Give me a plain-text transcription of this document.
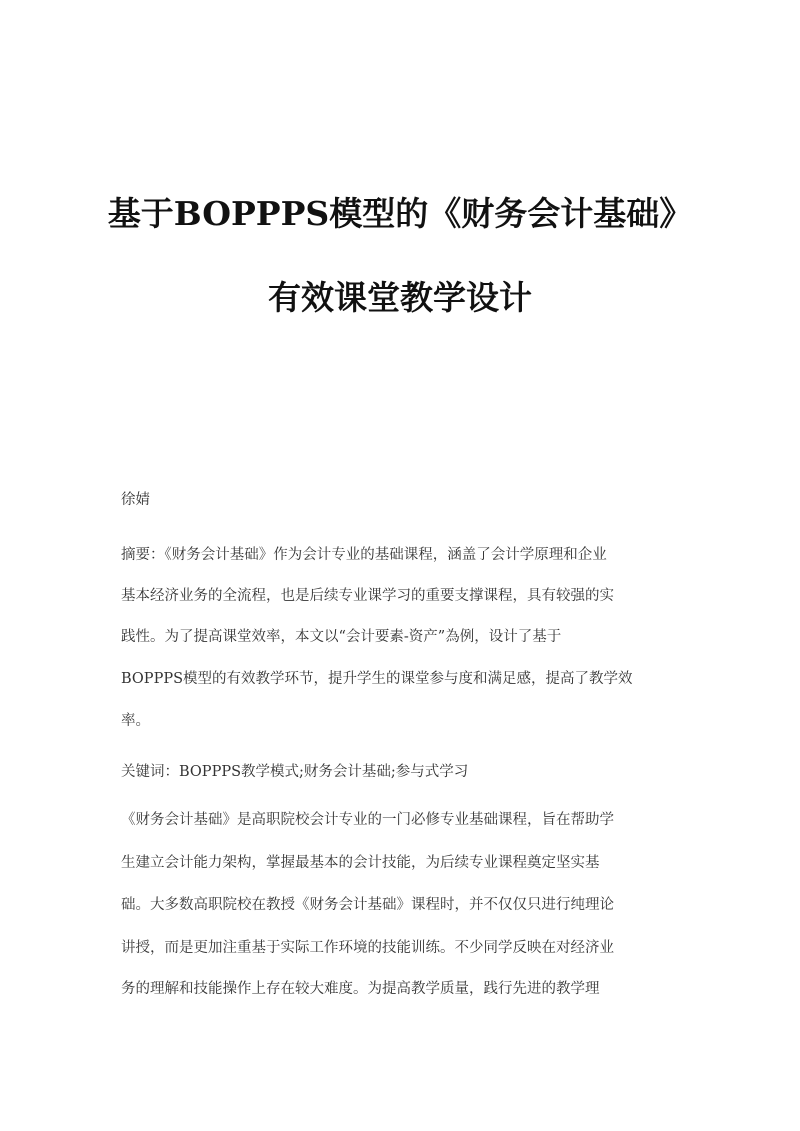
基于BOPPPS模型的《财务会计基础》
有效课堂教学设计
徐婧
摘要：《财务会计基础》作为会计专业的基础课程，涵盖了会计学原理和企业
基本经济业务的全流程，也是后续专业课学习的重要支撑课程，具有较强的实
践性。为了提高课堂效率，本文以“会计要素-资产”為例，设计了基于
BOPPPS模型的有效教学环节，提升学生的课堂参与度和满足感，提高了教学效
率。
关键词：BOPPPS教学模式;财务会计基础;参与式学习
《财务会计基础》是高职院校会计专业的一门必修专业基础课程，旨在帮助学
生建立会计能力架构，掌握最基本的会计技能，为后续专业课程奠定坚实基
础。大多数高职院校在教授《财务会计基础》课程时，并不仅仅只进行纯理论
讲授，而是更加注重基于实际工作环境的技能训练。不少同学反映在对经济业
务的理解和技能操作上存在较大难度。为提高教学质量，践行先进的教学理
